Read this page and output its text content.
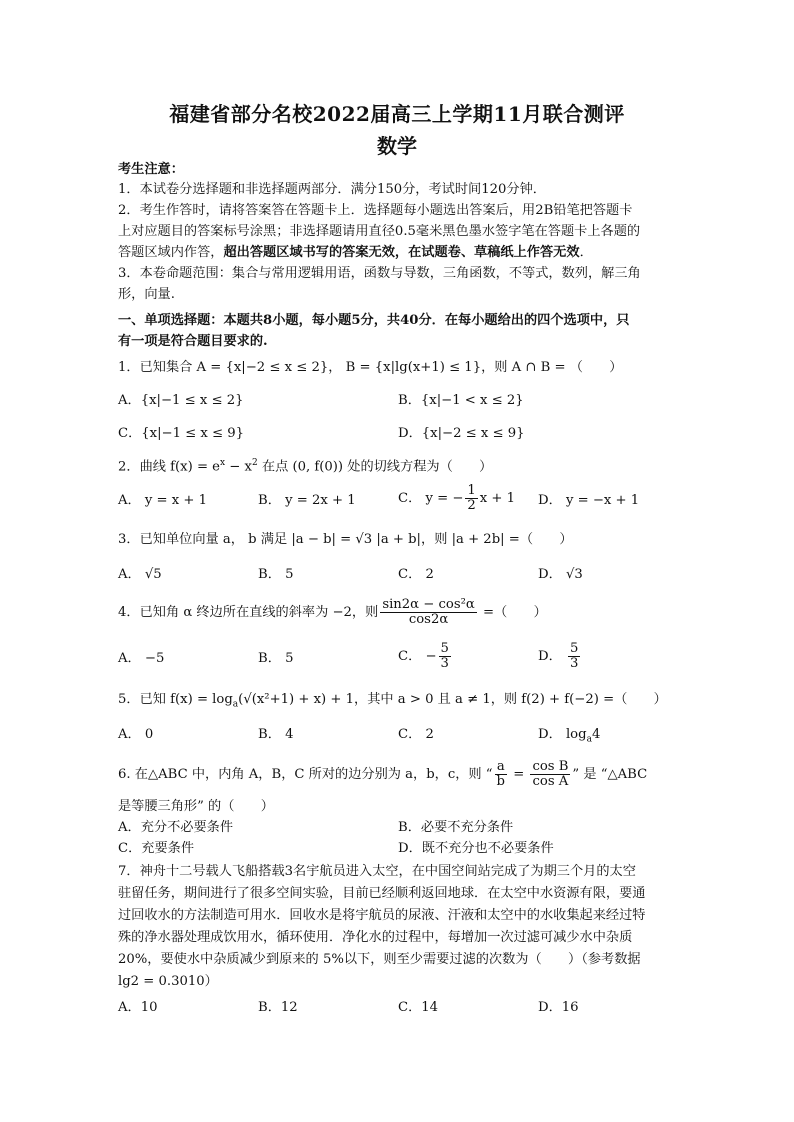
福建省部分名校2022届高三上学期11月联合测评
数学
考生注意：
1．本试卷分选择题和非选择题两部分．满分150分，考试时间120分钟．
2．考生作答时，请将答案答在答题卡上．选择题每小题选出答案后，用2B铅笔把答题卡
上对应题目的答案标号涂黑；非选择题请用直径0.5毫米黑色墨水签字笔在答题卡上各题的
答题区域内作答，超出答题区域书写的答案无效，在试题卷、草稿纸上作答无效．
3．本卷命题范围：集合与常用逻辑用语，函数与导数，三角函数，不等式，数列，解三角
形，向量.
一、单项选择题：本题共8小题，每小题5分，共40分．在每小题给出的四个选项中，只
有一项是符合题目要求的.
1．已知集合 A = {x|−2 ≤ x ≤ 2}， B = {x|lg(x+1) ≤ 1}，则 A ∩ B = （　　）
A．{x|−1 ≤ x ≤ 2}	B．{x|−1 < x ≤ 2}
C．{x|−1 ≤ x ≤ 9}	D．{x|−2 ≤ x ≤ 9}
2．曲线 $f(x) = e^x - x^2$ 在点 (0, f(0)) 处的切线方程为（　　）
A． y = x + 1	B． y = 2x + 1	C． y = − $\frac{1}{2}$ x + 1 D． y = −x + 1
3．已知单位向量 a， b 满足 |a − b| = √3 |a + b|，则 |a + 2b| =（　　）
A． √5	B． 5	C． 2	D． √3
4．已知角 α 终边所在直线的斜率为 −2，则 $\frac{\text{sin2α − cos²α}}{\cos 2\alpha}$ =（　　）
A． −5	B． 5	C． − $\frac{5}{3}$	D． $\frac{5}{3}$
5．已知 $f(x) = \log_a(√(x^2+1) + x) + 1$，其中 a > 0 且 a ≠ 1，则 f(2) + f(−2) =（　　）
A． 0	B． 4	C． 2	D． $\log_a4$
6. 在△ABC 中，内角 A，B，C 所对的边分别为 a，b，c，则 “ $\frac{a}{b} = \frac{\text{cos B}}{\text{cos A}}$ ” 是 “△ABC
是等腰三角形” 的（　　）
A．充分不必要条件	B．必要不充分条件
C．充要条件	D．既不充分也不必要条件
7．神舟十二号载人飞船搭载3名宇航员进入太空，在中国空间站完成了为期三个月的太空
驻留任务，期间进行了很多空间实验，目前已经顺利返回地球．在太空中水资源有限，要通
过回收水的方法制造可用水．回收水是将宇航员的尿液、汗液和太空中的水收集起来经过特
殊的净水器处理成饮用水，循环使用．净化水的过程中，每增加一次过滤可减少水中杂质
20%，要使水中杂质减少到原来的 5%以下，则至少需要过滤的次数为（　　）（参考数据
lg2 = 0.3010）
A．10	B．12	C．14	D．16
